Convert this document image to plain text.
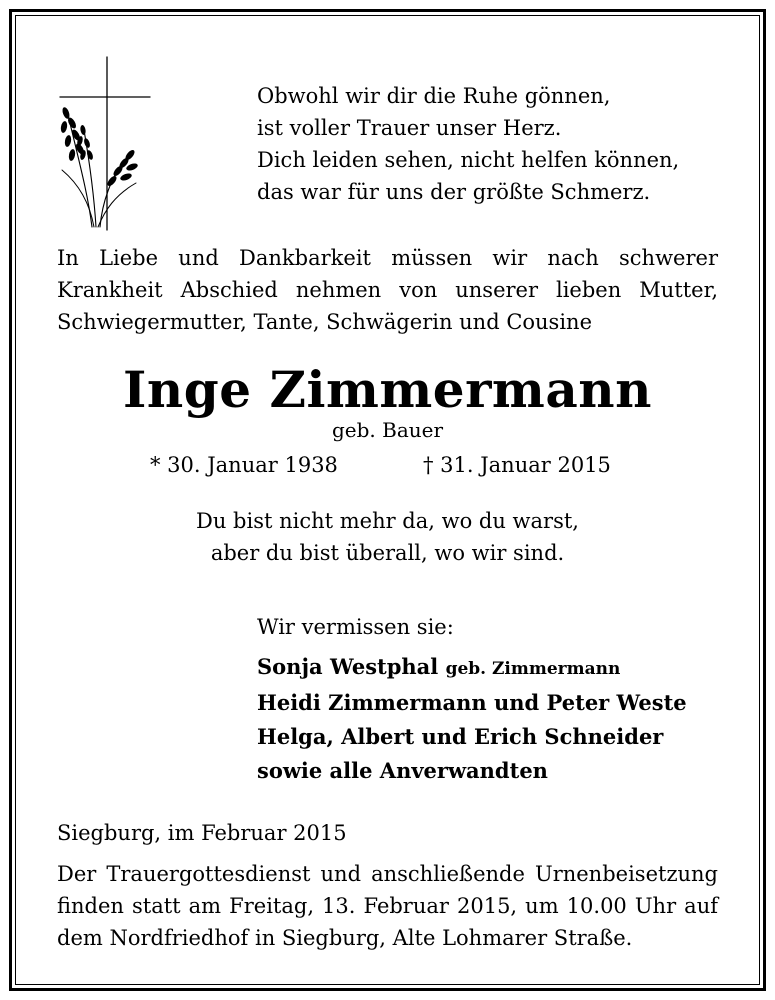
Obwohl wir dir die Ruhe gönnen,
ist voller Trauer unser Herz.
Dich leiden sehen, nicht helfen können,
das war für uns der größte Schmerz.
In Liebe und Dankbarkeit müssen wir nach schwerer
Krankheit Abschied nehmen von unserer lieben Mutter,
Schwiegermutter, Tante, Schwägerin und Cousine
Inge Zimmermann
geb. Bauer
* 30. Januar 1938	† 31. Januar 2015
Du bist nicht mehr da, wo du warst,
aber du bist überall, wo wir sind.
Wir vermissen sie:
Sonja Westphal geb. Zimmermann
Heidi Zimmermann und Peter Weste
Helga, Albert und Erich Schneider
sowie alle Anverwandten
Siegburg, im Februar 2015
Der Trauergottesdienst und anschließende Urnenbeisetzung
finden statt am Freitag, 13. Februar 2015, um 10.00 Uhr auf
dem Nordfriedhof in Siegburg, Alte Lohmarer Straße.
